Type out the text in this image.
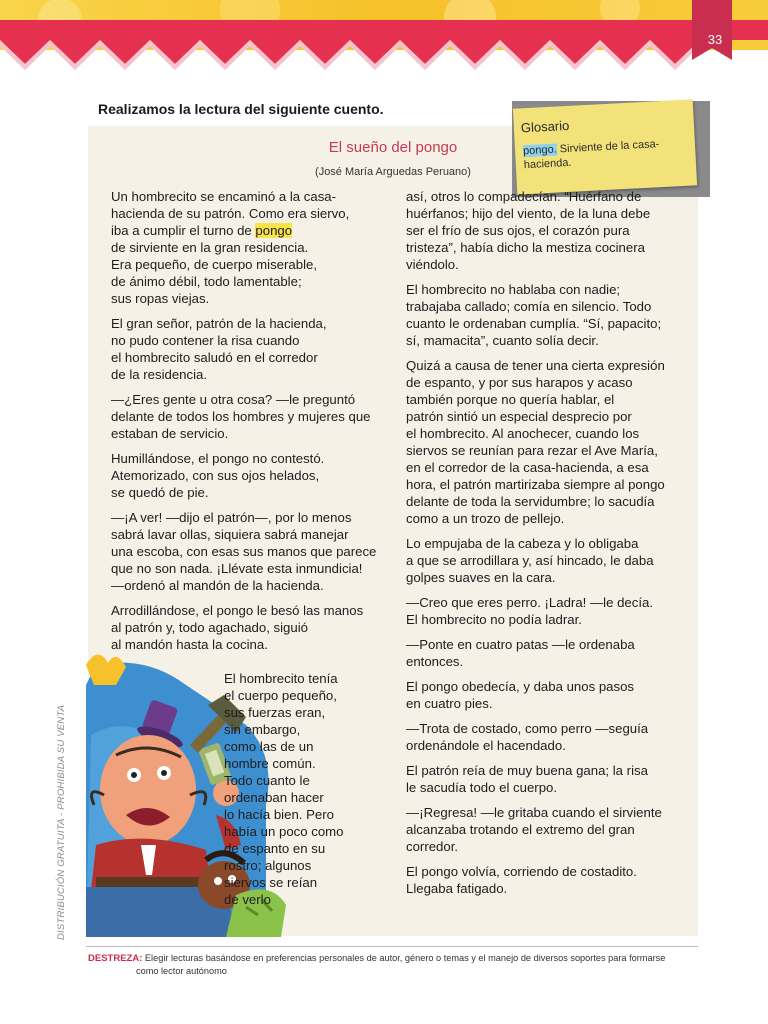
33
Realizamos la lectura del siguiente cuento.
Glosario
pongo. Sirviente de la casa-hacienda.
El sueño del pongo
(José María Arguedas Peruano)

Un hombrecito se encaminó a la casa-
hacienda de su patrón. Como era siervo,
iba a cumplir el turno de pongo
de sirviente en la gran residencia.
Era pequeño, de cuerpo miserable,
de ánimo débil, todo lamentable;
sus ropas viejas.

El gran señor, patrón de la hacienda,
no pudo contener la risa cuando
el hombrecito saludó en el corredor
de la residencia.

—¿Eres gente u otra cosa? —le preguntó
delante de todos los hombres y mujeres que
estaban de servicio.

Humillándose, el pongo no contestó.
Atemorizado, con sus ojos helados,
se quedó de pie.

—¡A ver! —dijo el patrón—, por lo menos
sabrá lavar ollas, siquiera sabrá manejar
una escoba, con esas sus manos que parece
que no son nada. ¡Llévate esta inmundicia!
—ordenó al mandón de la hacienda.

Arrodillándose, el pongo le besó las manos
al patrón y, todo agachado, siguió
al mandón hasta la cocina.

El hombrecito tenía
el cuerpo pequeño,
sus fuerzas eran,
sin embargo,
como las de un
hombre común.
Todo cuanto le
ordenaban hacer
lo hacía bien. Pero
había un poco como
de espanto en su
rostro; algunos
siervos se reían
de verlo

así, otros lo compadecían. “Huérfano de
huérfanos; hijo del viento, de la luna debe
ser el frío de sus ojos, el corazón pura
tristeza”, había dicho la mestiza cocinera
viéndolo.

El hombrecito no hablaba con nadie;
trabajaba callado; comía en silencio. Todo
cuanto le ordenaban cumplía. “Sí, papacito;
sí, mamacita”, cuanto solía decir.

Quizá a causa de tener una cierta expresión
de espanto, y por sus harapos y acaso
también porque no quería hablar, el
patrón sintió un especial desprecio por
el hombrecito. Al anochecer, cuando los
siervos se reunían para rezar el Ave María,
en el corredor de la casa-hacienda, a esa
hora, el patrón martirizaba siempre al pongo
delante de toda la servidumbre; lo sacudía
como a un trozo de pellejo.

Lo empujaba de la cabeza y lo obligaba
a que se arrodillara y, así hincado, le daba
golpes suaves en la cara.

—Creo que eres perro. ¡Ladra! —le decía.
El hombrecito no podía ladrar.

—Ponte en cuatro patas —le ordenaba
entonces.

El pongo obedecía, y daba unos pasos
en cuatro pies.

—Trota de costado, como perro —seguía
ordenándole el hacendado.

El patrón reía de muy buena gana; la risa
le sacudía todo el cuerpo.

—¡Regresa! —le gritaba cuando el sirviente
alcanzaba trotando el extremo del gran
corredor.

El pongo volvía, corriendo de costadito.
Llegaba fatigado.

DISTRIBUCIÓN GRATUITA - PROHIBIDA SU VENTA
DESTREZA: Elegir lecturas basándose en preferencias personales de autor, género o temas y el manejo de diversos soportes para formarse
como lector autónomo
